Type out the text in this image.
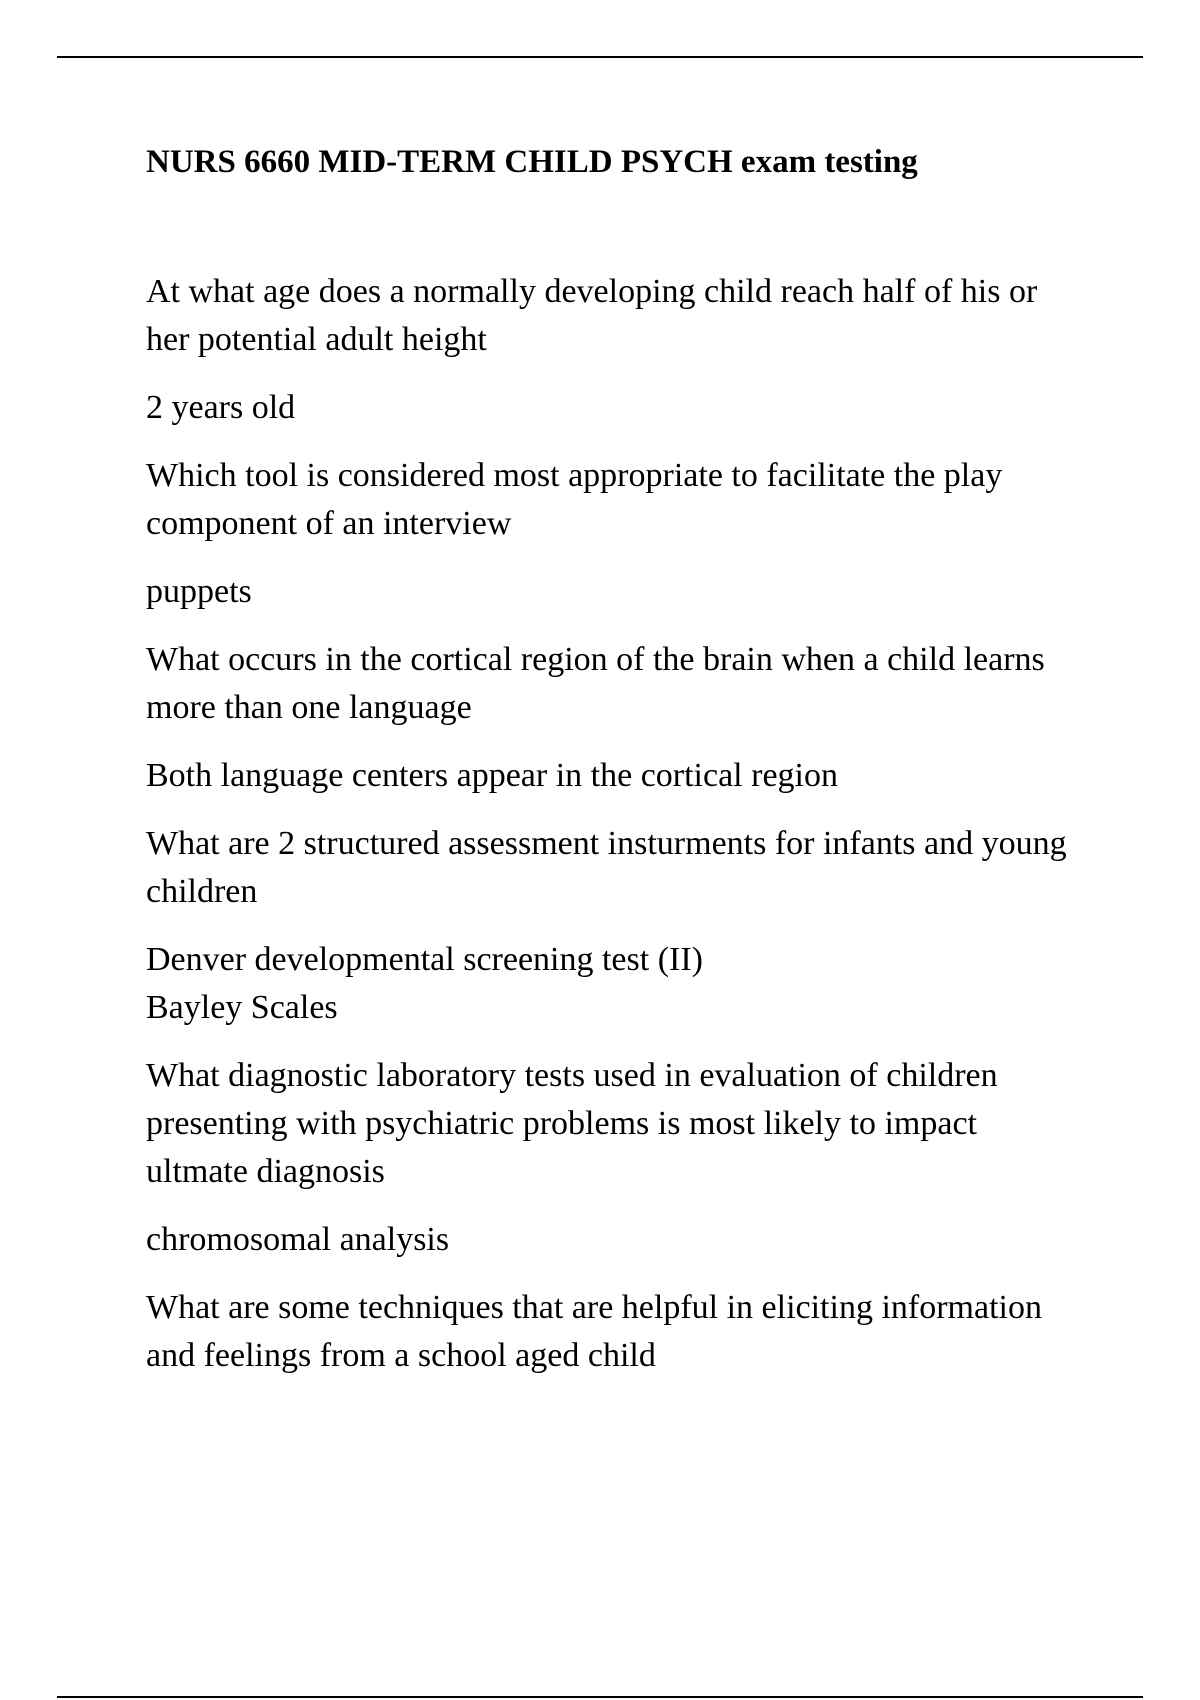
NURS 6660 MID-TERM CHILD PSYCH exam testing

At what age does a normally developing child reach half of his or her potential adult height

2 years old

Which tool is considered most appropriate to facilitate the play component of an interview

puppets

What occurs in the cortical region of the brain when a child learns more than one language

Both language centers appear in the cortical region

What are 2 structured assessment insturments for infants and young children

Denver developmental screening test (II)
Bayley Scales

What diagnostic laboratory tests used in evaluation of children presenting with psychiatric problems is most likely to impact ultmate diagnosis

chromosomal analysis

What are some techniques that are helpful in eliciting information and feelings from a school aged child
